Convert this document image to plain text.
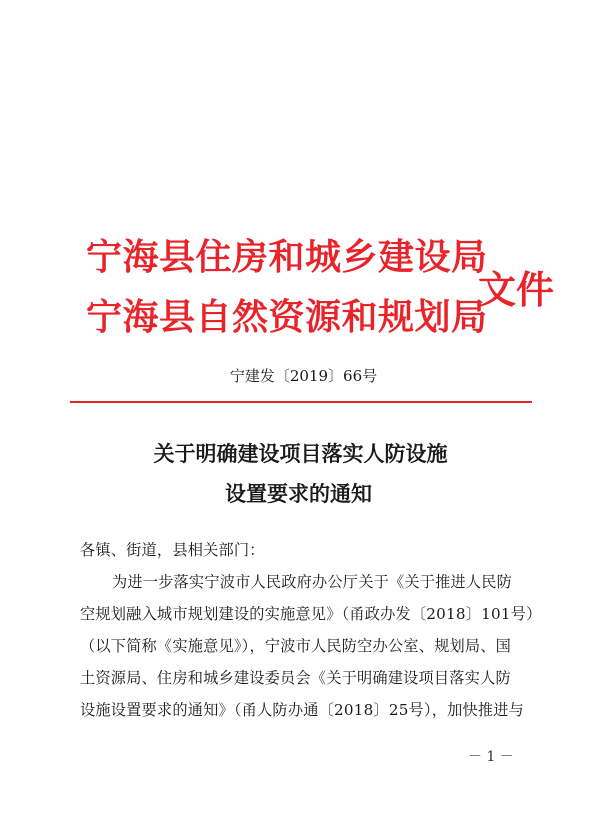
宁海县住房和城乡建设局
宁海县自然资源和规划局
文件
宁建发〔2019〕66号
关于明确建设项目落实人防设施
设置要求的通知
各镇、街道，县相关部门：
为进一步落实宁波市人民政府办公厅关于《关于推进人民防
空规划融入城市规划建设的实施意见》（甬政办发〔2018〕101号）
（以下简称《实施意见》），宁波市人民防空办公室、规划局、国
土资源局、住房和城乡建设委员会《关于明确建设项目落实人防
设施设置要求的通知》（甬人防办通〔2018〕25号），加快推进与
－ 1 －
